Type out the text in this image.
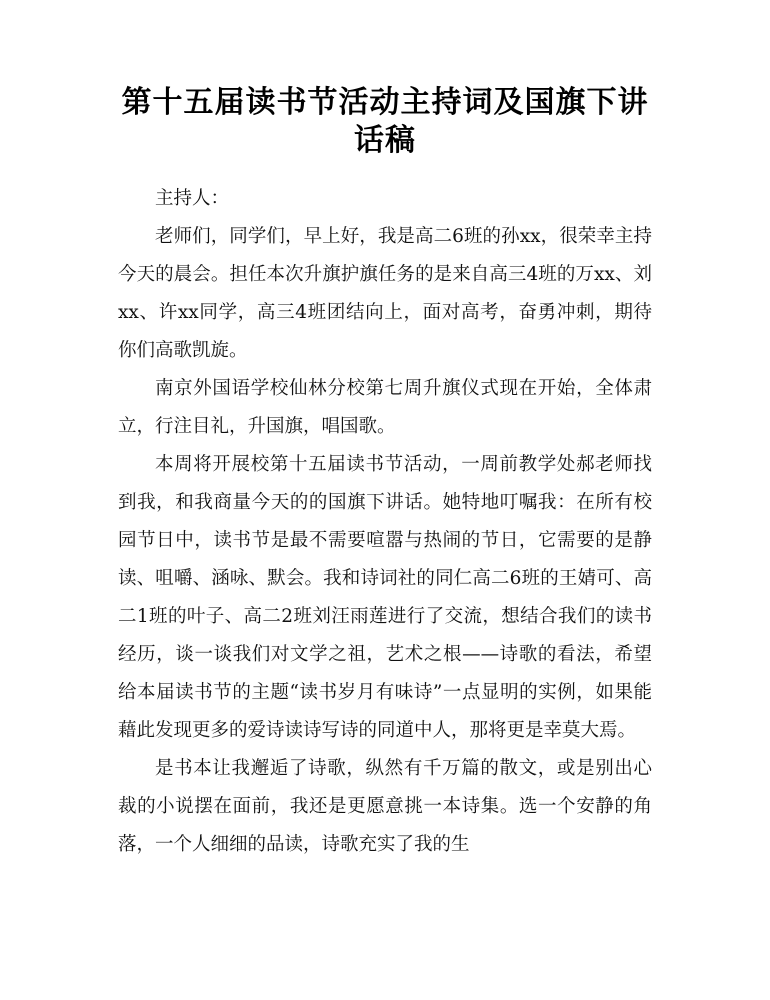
第十五届读书节活动主持词及国旗下讲话稿

主持人：

老师们，同学们，早上好，我是高二6班的孙xx，很荣幸主持今天的晨会。担任本次升旗护旗任务的是来自高三4班的万xx、刘xx、许xx同学，高三4班团结向上，面对高考，奋勇冲刺，期待你们高歌凯旋。

南京外国语学校仙林分校第七周升旗仪式现在开始，全体肃立，行注目礼，升国旗，唱国歌。

本周将开展校第十五届读书节活动，一周前教学处郝老师找到我，和我商量今天的的国旗下讲话。她特地叮嘱我：在所有校园节日中，读书节是最不需要喧嚣与热闹的节日，它需要的是静读、咀嚼、涵咏、默会。我和诗词社的同仁高二6班的王婧可、高二1班的叶子、高二2班刘汪雨莲进行了交流，想结合我们的读书经历，谈一谈我们对文学之祖，艺术之根——诗歌的看法，希望给本届读书节的主题“读书岁月有味诗”一点显明的实例，如果能藉此发现更多的爱诗读诗写诗的同道中人，那将更是幸莫大焉。

是书本让我邂逅了诗歌，纵然有千万篇的散文，或是别出心裁的小说摆在面前，我还是更愿意挑一本诗集。选一个安静的角落，一个人细细的品读，诗歌充实了我的生
